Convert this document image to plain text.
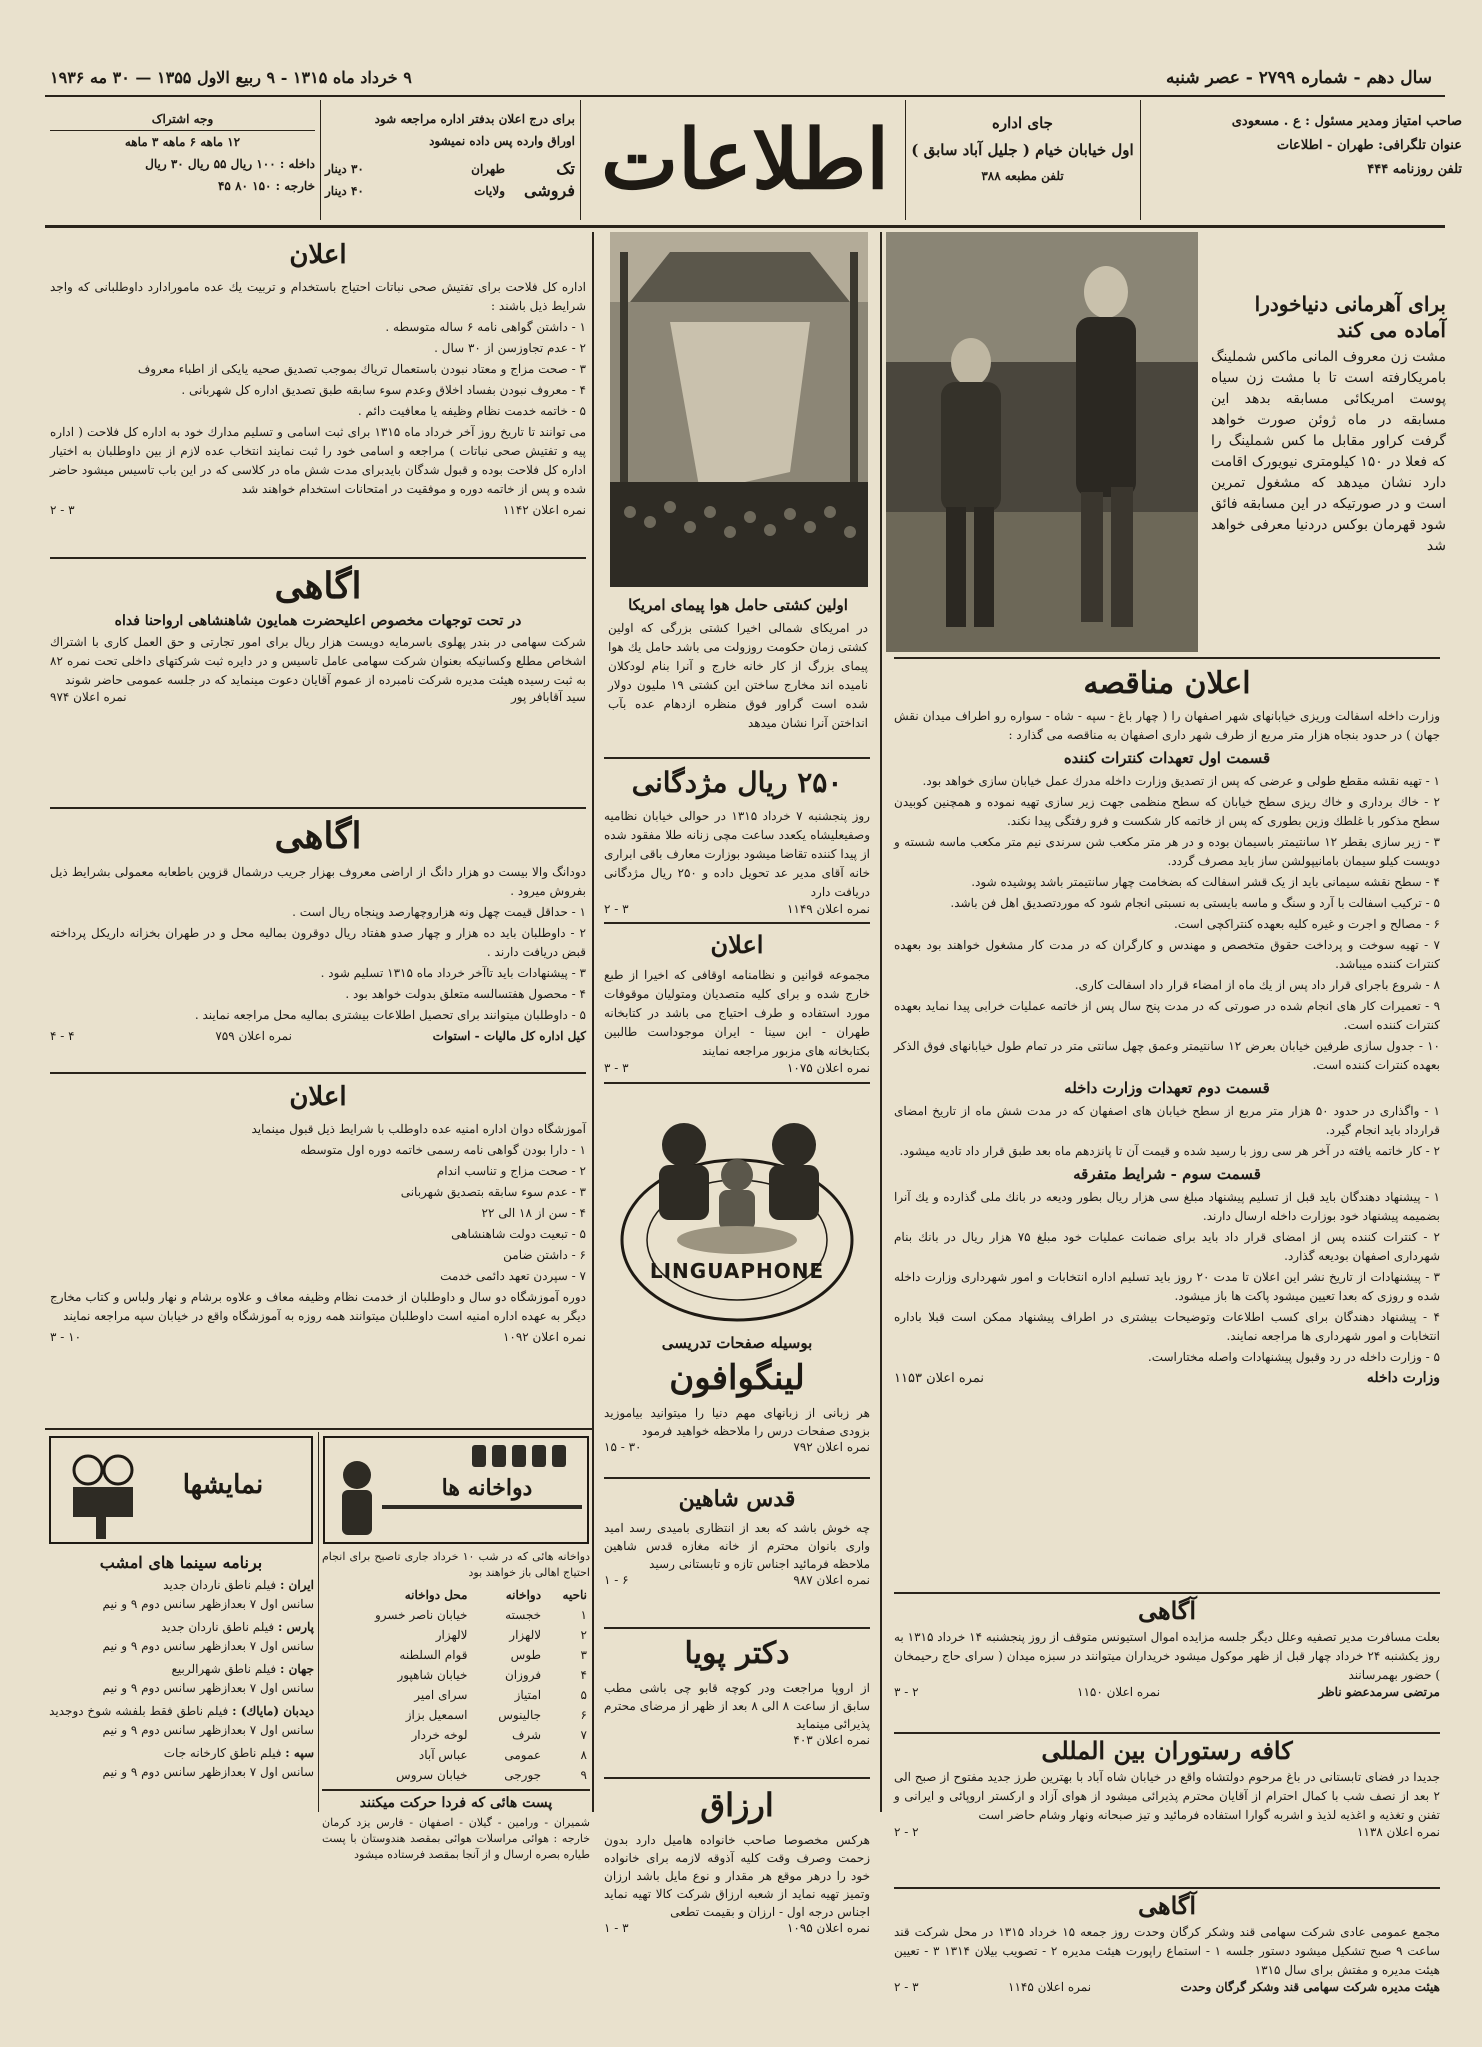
سال دهم - شماره ۲۷۹۹ - عصر شنبه
۹ خرداد ماه ۱۳۱۵ - ۹ ربیع الاول ۱۳۵۵ — ۳۰ مه ۱۹۳۶
صاحب امتیاز ومدیر مسئول : ع . مسعودی
عنوان تلگرافی: طهران - اطلاعات
تلفن روزنامه ۴۴۴
جای اداره
اول خیابان خیام ( جلیل آباد سابق )
تلفن مطبعه ۳۸۸
اطلاعات
برای درج اعلان بدفتر اداره مراجعه شود
اوراق وارده پس داده نمیشود
تک فروشی
طهران
۳۰ دینار
ولایات
۴۰ دینار
وجه اشتراک
۱۲ ماهه ۶ ماهه ۳ ماهه
داخله : ۱۰۰ ریال ۵۵ ریال ۳۰ ریال
خارجه : ۱۵۰ ۸۰ ۴۵
برای آهرمانی دنیاخودرا آماده می کند

مشت زن معروف المانی ماکس شملینگ بامریکارفته است تا با مشت زن سیاه پوست امریکائی مسابقه بدهد این مسابقه در ماه ژوئن صورت خواهد گرفت کراور مقابل ما کس شملینگ را که فعلا در ۱۵۰ کیلومتری نیویورک اقامت دارد نشان میدهد که مشغول تمرین است و در صورتیکه در این مسابقه فائق شود قهرمان بوکس دردنیا معرفی خواهد شد

اعلان مناقصه

وزارت داخله اسفالت وریزی خیابانهای شهر اصفهان را ( چهار باغ - سپه - شاه - سواره رو اطراف میدان نقش جهان ) در حدود بنجاه هزار متر مربع از طرف شهر داری اصفهان به مناقصه می گذارد :

قسمت اول تعهدات کنترات کننده

۱ - تهیه نقشه مقطع طولی و عرضی که پس از تصدیق وزارت داخله مدرك عمل خیابان سازی خواهد بود.

۲ - خاك برداری و خاك ریزی سطح خیابان که سطح منظمی جهت زیر سازی تهیه نموده و همچنین کوبیدن سطح مذکور با غلطك وزین بطوری که پس از خاتمه کار شکست و فرو رفتگی پیدا نکند.

۳ - زیر سازی بقطر ۱۲ سانتیمتر باسیمان بوده و در هر متر مکعب شن سرندی نیم متر مکعب ماسه شسته و دویست کیلو سیمان بامانیپولشن ساز باید مصرف گردد.

۴ - سطح نقشه سیمانی باید از یک قشر اسفالت که بضخامت چهار سانتیمتر باشد پوشیده شود.

۵ - ترکیب اسفالت با آرد و سنگ و ماسه بایستی به نسبتی انجام شود که موردتصدیق اهل فن باشد.

۶ - مصالح و اجرت و غیره کلیه بعهده کنتراکچی است.

۷ - تهیه سوخت و پرداخت حقوق متخصص و مهندس و کارگران که در مدت کار مشغول خواهند بود بعهده کنترات کننده میباشد.

۸ - شروع باجرای قرار داد پس از یك ماه از امضاء قرار داد اسفالت کاری.

۹ - تعمیرات کار های انجام شده در صورتی که در مدت پنج سال پس از خاتمه عملیات خرابی پیدا نماید بعهده کنترات کننده است.

۱۰ - جدول سازی طرفین خیابان بعرض ۱۲ سانتیمتر وعمق چهل سانتی متر در تمام طول خیابانهای فوق الذکر بعهده کنترات کننده است.

قسمت دوم تعهدات وزارت داخله

۱ - واگذاری در حدود ۵۰ هزار متر مربع از سطح خیابان های اصفهان که در مدت شش ماه از تاریخ امضای قرارداد باید انجام گیرد.

۲ - کار خاتمه یافته در آخر هر سی روز با رسید شده و قیمت آن تا پانزدهم ماه بعد طبق قرار داد تادیه میشود.

قسمت سوم - شرایط متفرقه

۱ - پیشنهاد دهندگان باید قبل از تسلیم پیشنهاد مبلغ سی هزار ریال بطور ودیعه در بانك ملی گذارده و یك آنرا بضمیمه پیشنهاد خود بوزارت داخله ارسال دارند.

۲ - کنترات کننده پس از امضای قرار داد باید برای ضمانت عملیات خود مبلغ ۷۵ هزار ریال در بانك بنام شهرداری اصفهان بودیعه گذارد.

۳ - پیشنهادات از تاریخ نشر این اعلان تا مدت ۲۰ روز باید تسلیم اداره انتخابات و امور شهرداری وزارت داخله شده و روزی که بعدا تعیین میشود پاکت ها باز میشود.

۴ - پیشنهاد دهندگان برای کسب اطلاعات وتوضیحات بیشتری در اطراف پیشنهاد ممکن است قبلا باداره انتخابات و امور شهرداری ها مراجعه نمایند.

۵ - وزارت داخله در رد وقبول پیشنهادات واصله مختاراست.

وزارت داخله
نمره اعلان ۱۱۵۳
آگاهی

بعلت مسافرت مدیر تصفیه وعلل دیگر جلسه مزایده اموال استیونس متوقف از روز پنجشنبه ۱۴ خرداد ۱۳۱۵ به روز یکشنبه ۲۴ خرداد چهار قبل از ظهر موکول میشود خریداران میتوانند در سبزه میدان ( سرای حاج رحیمخان ) حضور بهمرسانند

مرتضی سرمدعضو ناظر
نمره اعلان ۱۱۵۰
۲ - ۳
کافه رستوران بین المللی

جدیدا در فضای تابستانی در باغ مرحوم دولتشاه واقع در خیابان شاه آباد با بهترین طرز جدید مفتوح از صبح الی ۲ بعد از نصف شب با کمال احترام از آقایان محترم پذیرائی میشود از هوای آزاد و ارکستر اروپائی و ایرانی و تفنن و تغذیه و اغذیه لذیذ و اشربه گوارا استفاده فرمائید و تیز صبحانه ونهار وشام حاضر است

نمره اعلان ۱۱۳۸
۲ - ۲
آگاهی

مجمع عمومی عادی شرکت سهامی قند وشکر کرگان وحدت روز جمعه ۱۵ خرداد ۱۳۱۵ در محل شرکت قند ساعت ۹ صبح تشکیل میشود دستور جلسه ۱ - استماع راپورت هیئت مدیره ۲ - تصویب بیلان ۱۳۱۴ ۳ - تعیین هیئت مدیره و مفتش برای سال ۱۳۱۵

هیئت مدیره شرکت سهامی قند وشکر گرگان وحدت
نمره اعلان ۱۱۴۵
۳ - ۲
اولین کشتی حامل هوا پیمای امریکا

در امریکای شمالی اخیرا کشتی بزرگی که اولین کشتی زمان حکومت روزولت می باشد حامل یك هوا پیمای بزرگ از کار خانه خارج و آنرا بنام لودکلان نامیده اند مخارج ساختن این کشتی ۱۹ ملیون دولار شده است گراور فوق منظره ازدهام عده بآب انداختن آنرا نشان میدهد

۲۵۰ ریال مژدگانی

روز پنجشنبه ۷ خرداد ۱۳۱۵ در حوالی خیابان نظامیه وصفیعلیشاه یکعدد ساعت مچی زنانه طلا مفقود شده از پیدا کننده تقاضا میشود بوزارت معارف باقی ابراری خانه آقای مدیر عد تحویل داده و ۲۵۰ ریال مژدگانی دریافت دارد

نمره اعلان ۱۱۴۹
۳ - ۲
اعلان

مجموعه قوانین و نظامنامه اوقافی که اخیرا از طبع خارج شده و برای کلیه متصدیان ومتولیان موقوفات مورد استفاده و طرف احتیاج می باشد در کتابخانه طهران - ابن سینا - ایران موجوداست طالبین بکتابخانه های مزبور مراجعه نمایند

نمره اعلان ۱۰۷۵
۳ - ۳
LINGUAPHONE
بوسیله صفحات تدریسی
لینگوافون

هر زبانی از زبانهای مهم دنیا را میتوانید بیاموزید بزودی صفحات درس را ملاحظه خواهید فرمود

نمره اعلان ۷۹۲
۳۰ - ۱۵
قدس شاهین

چه خوش باشد که بعد از انتظاری بامیدی رسد امید واری بانوان محترم از خانه مغازه قدس شاهین ملاحظه فرمائید اجناس تازه و تابستانی رسید

نمره اعلان ۹۸۷
۶ - ۱
دکتر پویا

از اروپا مراجعت ودر کوچه قابو چی باشی مطب سابق از ساعت ۸ الی ۸ بعد از ظهر از مرضای محترم پذیرائی مینماید

نمره اعلان ۴۰۳
ارزاق

هرکس مخصوصا صاحب خانواده هامیل دارد بدون زحمت وصرف وقت کلیه آذوقه لازمه برای خانواده خود را درهر موقع هر مقدار و نوع مایل باشد ارزان وتمیز تهیه نماید از شعبه ارزاق شرکت کالا تهیه نماید اجناس درجه اول - ارزان و بقیمت تطعی

نمره اعلان ۱۰۹۵
۳ - ۱
اعلان

اداره کل فلاحت برای تفتیش صحی نباتات احتیاج باستخدام و تربیت یك عده مامورادارد داوطلبانی که واجد شرایط ذیل باشند :

۱ - داشتن گواهی نامه ۶ ساله متوسطه .

۲ - عدم تجاوزسن از ۳۰ سال .

۳ - صحت مزاج و معتاد نبودن باستعمال تریاك بموجب تصدیق صحیه یایکی از اطباء معروف

۴ - معروف نبودن بفساد اخلاق وعدم سوء سابقه طبق تصدیق اداره کل شهربانی .

۵ - خاتمه خدمت نظام وظیفه یا معافیت دائم .

می توانند تا تاریخ روز آخر خرداد ماه ۱۳۱۵ برای ثبت اسامی و تسلیم مدارك خود به اداره کل فلاحت ( اداره پیه و تفتیش صحی نباتات ) مراجعه و اسامی خود را ثبت نمایند انتخاب عده لازم از بین داوطلبان به اختیار اداره کل فلاحت بوده و قبول شدگان بایدبرای مدت شش ماه در کلاسی که در این باب تاسیس میشود حاضر شده و پس از خاتمه دوره و موفقیت در امتحانات استخدام خواهند شد

نمره اعلان ۱۱۴۲
۳ - ۲
اگاهی
در تحت توجهات مخصوص اعلیحضرت همایون شاهنشاهی ارواحنا فداه

شرکت سهامی در بندر پهلوی باسرمایه دویست هزار ریال برای امور تجارتی و حق العمل کاری با اشتراك اشخاص مطلع وکسانیکه بعنوان شرکت سهامی عامل تاسیس و در دایره ثبت شرکتهای داخلی تحت نمره ۸۲ به ثبت رسیده هیئت مدیره شرکت نامبرده از عموم آقایان دعوت مینماید که در جلسه عمومی حاضر شوند

سید آقابافر پور
نمره اعلان ۹۷۴
اگاهی

دودانگ والا بیست دو هزار دانگ از اراضی معروف بهزار جریب درشمال قزوین باطعابه معمولی بشرایط ذیل بفروش میرود .

۱ - حداقل قیمت چهل ونه هزاروچهارصد وپنجاه ریال است .

۲ - داوطلبان باید ده هزار و چهار صدو هفتاد ریال دوقرون بمالیه محل و در طهران بخزانه داریکل پرداخته قبض دریافت دارند .

۳ - پیشنهادات باید تاآخر خرداد ماه ۱۳۱۵ تسلیم شود .

۴ - محصول هفتسالسه متعلق بدولت خواهد بود .

۵ - داوطلبان میتوانند برای تحصیل اطلاعات بیشتری بمالیه محل مراجعه نمایند .

کیل اداره کل مالیات - استوات
نمره اعلان ۷۵۹
۴ - ۴
اعلان

آموزشگاه دوان اداره امنیه عده داوطلب با شرایط ذیل قبول مینماید

۱ - دارا بودن گواهی نامه رسمی خاتمه دوره اول متوسطه

۲ - صحت مزاج و تناسب اندام

۳ - عدم سوء سابقه بتصدیق شهربانی

۴ - سن از ۱۸ الی ۲۲

۵ - تبعیت دولت شاهنشاهی

۶ - داشتن ضامن

۷ - سپردن تعهد دائمی خدمت

دوره آموزشگاه دو سال و داوطلبان از خدمت نظام وظیفه معاف و علاوه برشام و نهار ولباس و کتاب مخارج دیگر به عهده اداره امنیه است داوطلبان میتوانند همه روزه به آموزشگاه واقع در خیابان سپه مراجعه نمایند

نمره اعلان ۱۰۹۲
۱۰ - ۳
دواخانه ها

دواخانه هائی که در شب ۱۰ خرداد جاری تاصبح برای انجام احتیاج اهالی باز خواهند بود

ناحیه	دواخانه	محل دواخانه
۱	خجسته	خیابان ناصر خسرو
۲	لالهزار	لالهزار
۳	طوس	قوام السلطنه
۴	فروزان	خیابان شاهپور
۵	امتیاز	سرای امیر
۶	جالینوس	اسمعیل بزاز
۷	شرف	لوخه خردار
۸	عمومی	عباس آباد
۹	جورجی	خیابان سروس
پست هائی که فردا حرکت میکنند

شمیران - ورامین - گیلان - اصفهان - فارس یزد کرمان خارجه : هوائی مراسلات هوائی بمقصد هندوستان با پست طیاره بصره ارسال و از آنجا بمقصد فرستاده میشود

نمایشها
برنامه سینما های امشب
ایران : فیلم ناطق ناردان جدید
سانس اول ۷ بعدازظهر سانس دوم ۹ و نیم
پارس : فیلم ناطق ناردان جدید
سانس اول ۷ بعدازظهر سانس دوم ۹ و نیم
جهان : فیلم ناطق شهرالربیع
سانس اول ۷ بعدازظهر سانس دوم ۹ و نیم
دیدبان (مایاك) : فیلم ناطق فقط بلفشه شوخ دوجدید
سانس اول ۷ بعدازظهر سانس دوم ۹ و نیم
سپه : فیلم ناطق کارخانه جات
سانس اول ۷ بعدازظهر سانس دوم ۹ و نیم
